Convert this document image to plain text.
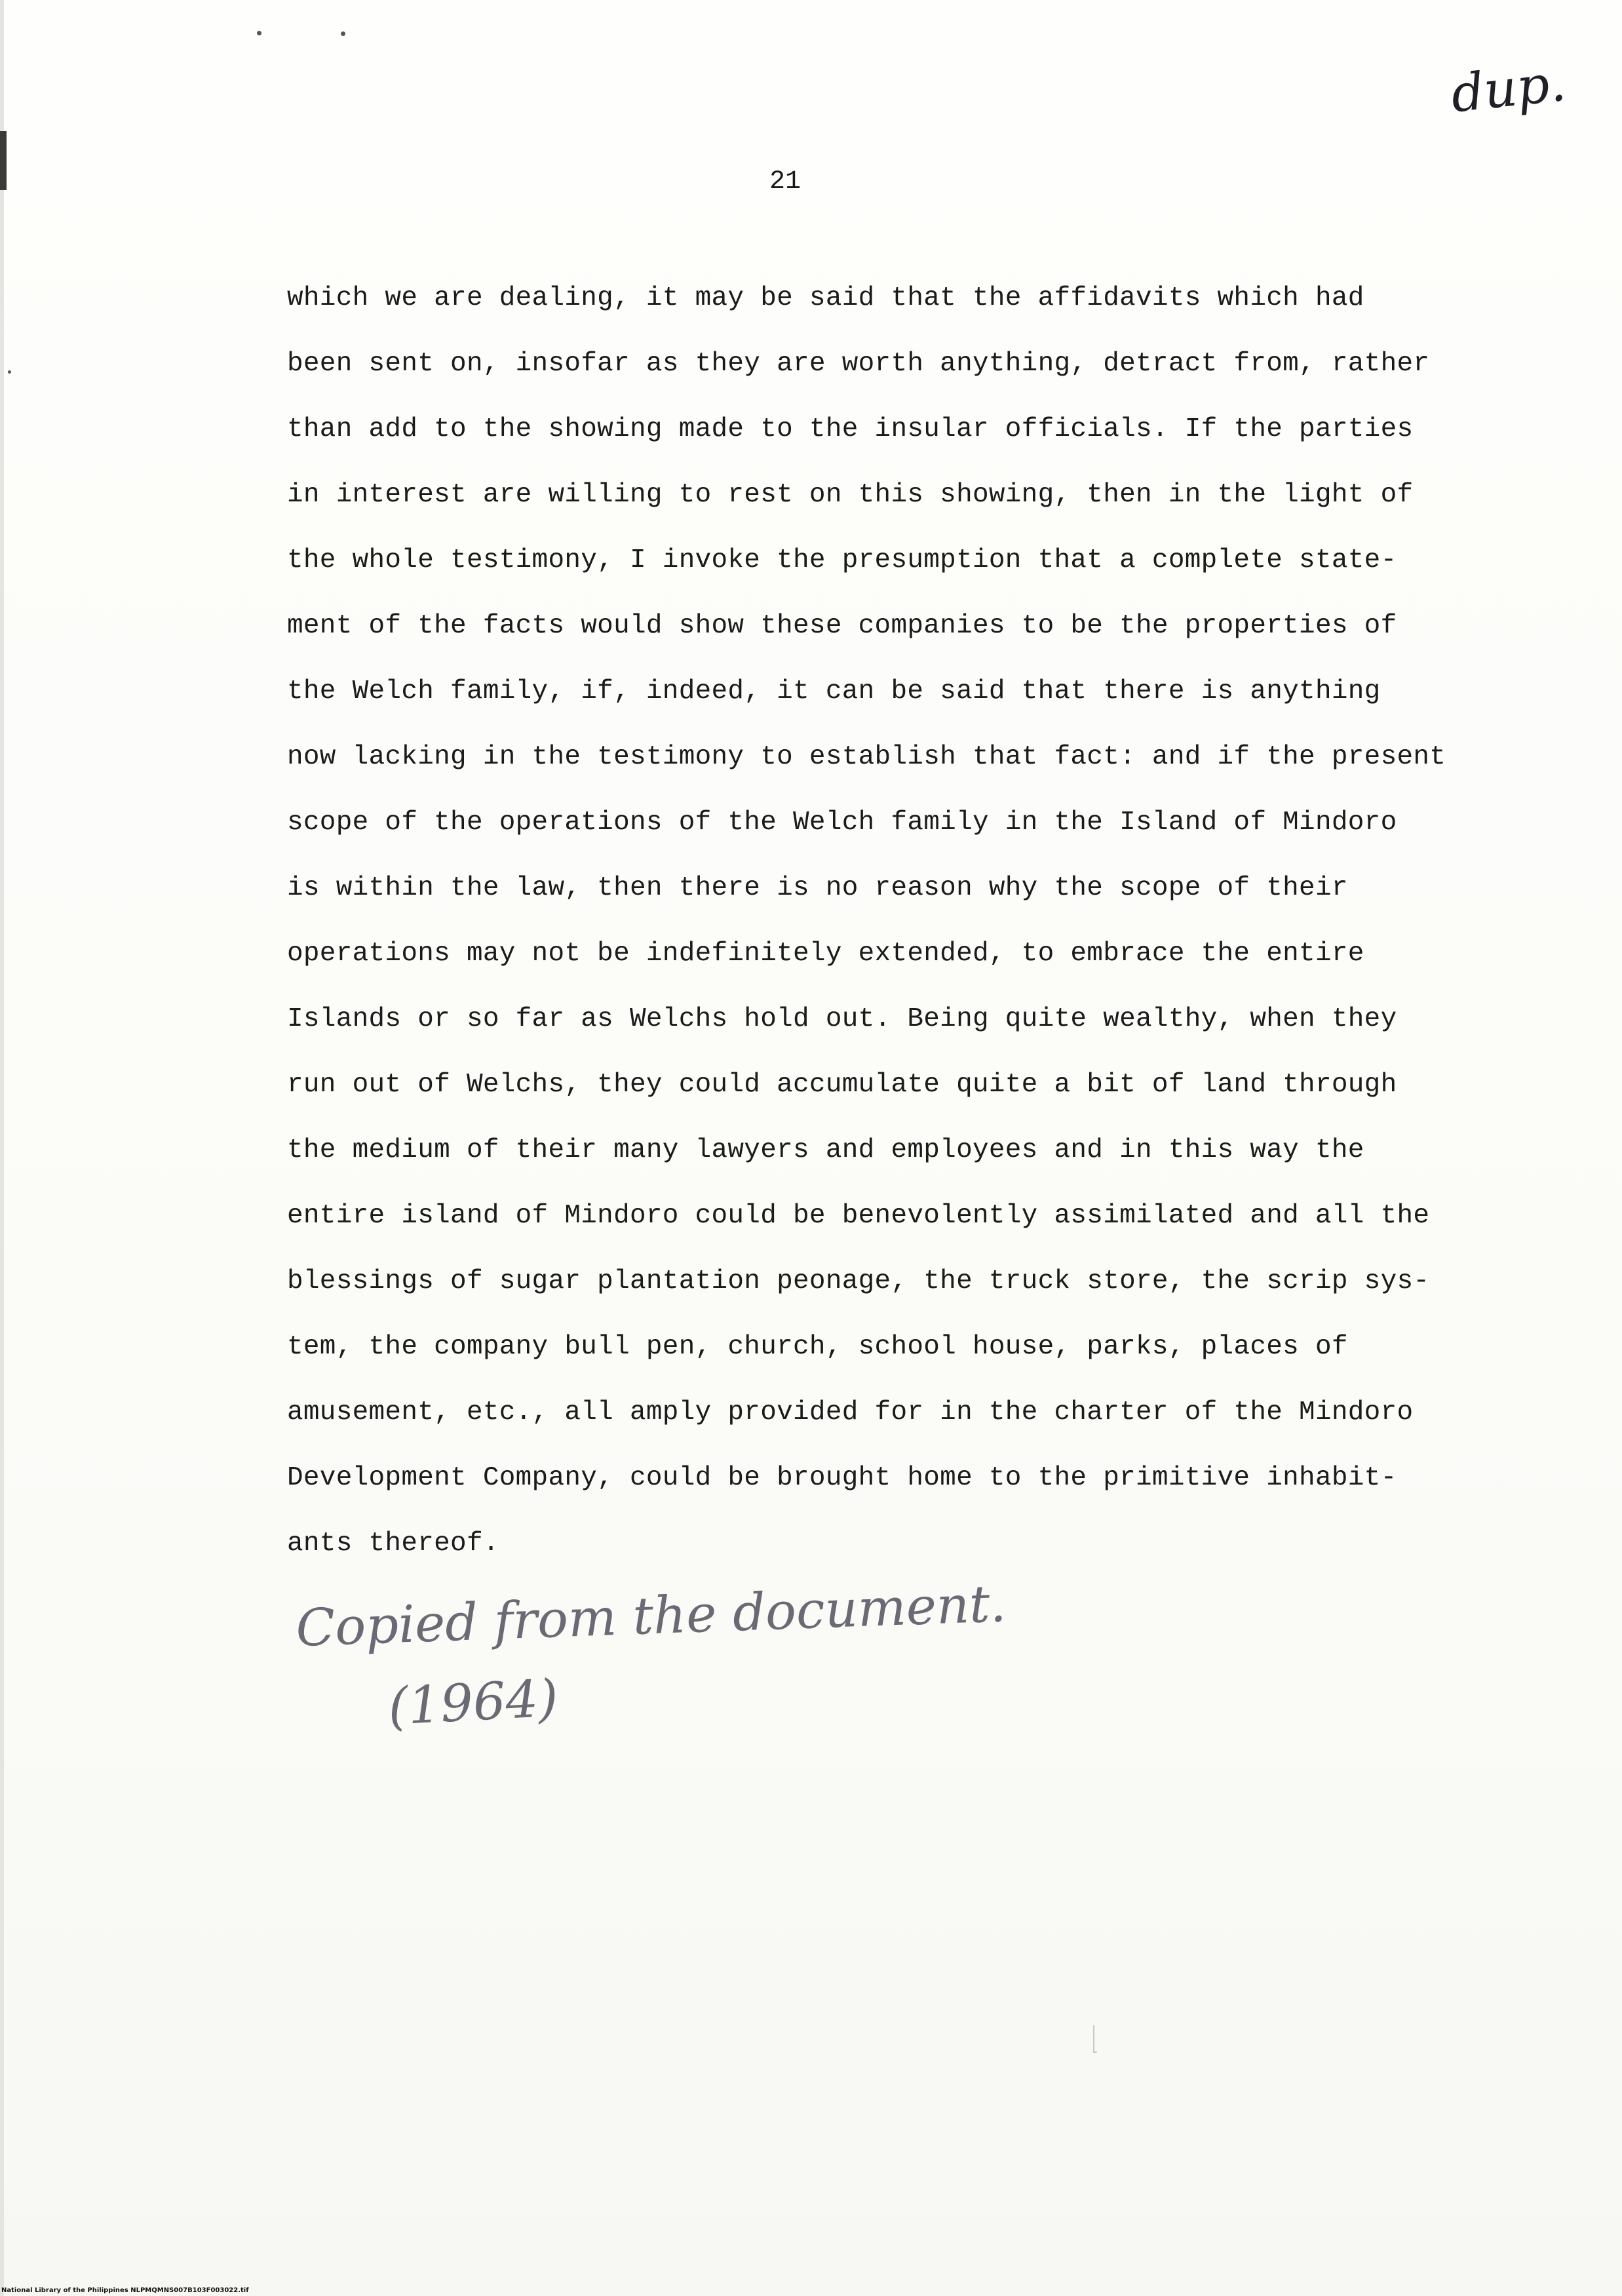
dup.
21
which we are dealing, it may be said that the affidavits which had
been sent on, insofar as they are worth anything, detract from, rather
than add to the showing made to the insular officials. If the parties
in interest are willing to rest on this showing, then in the light of
the whole testimony, I invoke the presumption that a complete state-
ment of the facts would show these companies to be the properties of
the Welch family, if, indeed, it can be said that there is anything
now lacking in the testimony to establish that fact: and if the present
scope of the operations of the Welch family in the Island of Mindoro
is within the law, then there is no reason why the scope of their
operations may not be indefinitely extended, to embrace the entire
Islands or so far as Welchs hold out. Being quite wealthy, when they
run out of Welchs, they could accumulate quite a bit of land through
the medium of their many lawyers and employees and in this way the
entire island of Mindoro could be benevolently assimilated and all the
blessings of sugar plantation peonage, the truck store, the scrip sys-
tem, the company bull pen, church, school house, parks, places of
amusement, etc., all amply provided for in the charter of the Mindoro
Development Company, could be brought home to the primitive inhabit-
ants thereof.
Copied from the document.
(1964)
National Library of the Philippines NLPMQMNS007B103F003022.tif
